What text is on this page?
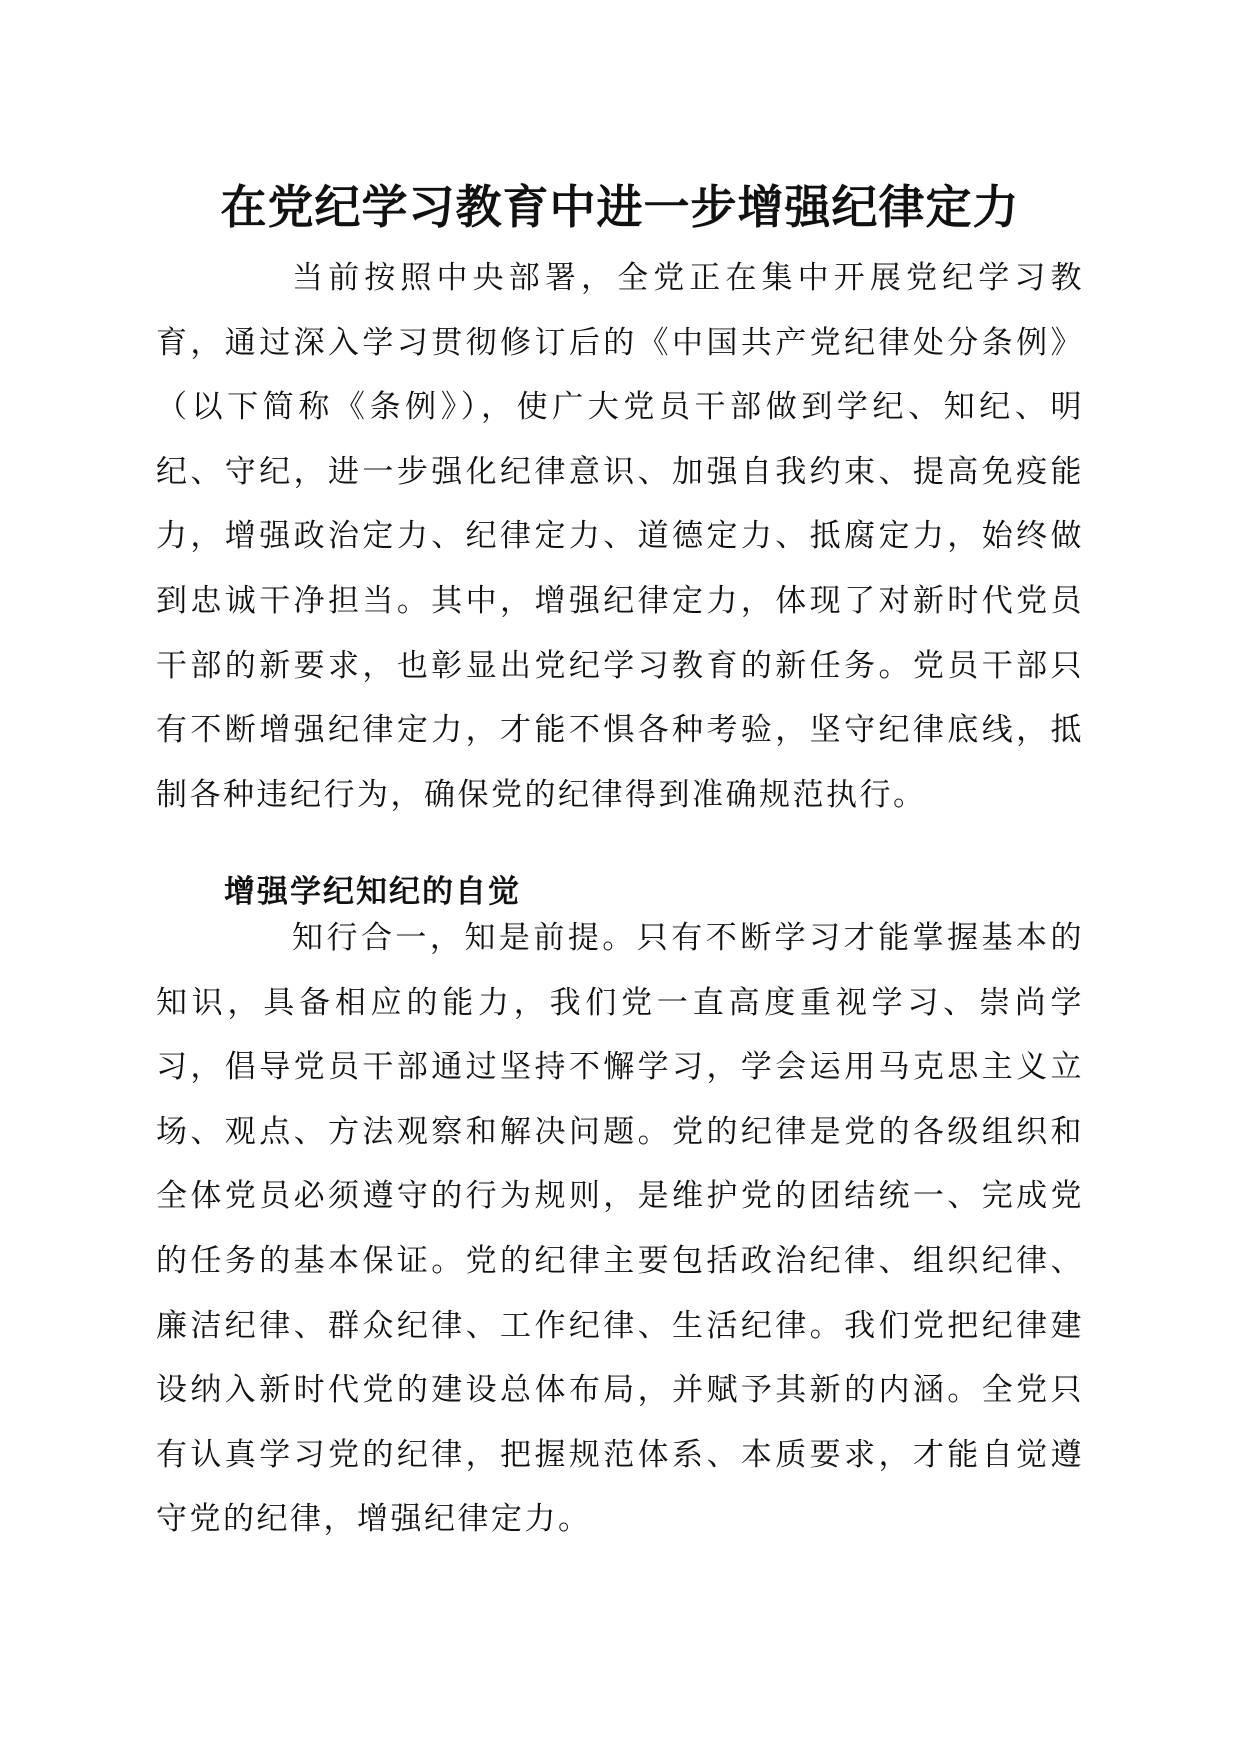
在党纪学习教育中进一步增强纪律定力

当前按照中央部署，全党正在集中开展党纪学习教育，通过深入学习贯彻修订后的《中国共产党纪律处分条例》（以下简称《条例》），使广大党员干部做到学纪、知纪、明纪、守纪，进一步强化纪律意识、加强自我约束、提高免疫能力，增强政治定力、纪律定力、道德定力、抵腐定力，始终做到忠诚干净担当。其中，增强纪律定力，体现了对新时代党员干部的新要求，也彰显出党纪学习教育的新任务。党员干部只有不断增强纪律定力，才能不惧各种考验，坚守纪律底线，抵制各种违纪行为，确保党的纪律得到准确规范执行。

增强学纪知纪的自觉

知行合一，知是前提。只有不断学习才能掌握基本的知识，具备相应的能力，我们党一直高度重视学习、崇尚学习，倡导党员干部通过坚持不懈学习，学会运用马克思主义立场、观点、方法观察和解决问题。党的纪律是党的各级组织和全体党员必须遵守的行为规则，是维护党的团结统一、完成党的任务的基本保证。党的纪律主要包括政治纪律、组织纪律、廉洁纪律、群众纪律、工作纪律、生活纪律。我们党把纪律建设纳入新时代党的建设总体布局，并赋予其新的内涵。全党只有认真学习党的纪律，把握规范体系、本质要求，才能自觉遵守党的纪律，增强纪律定力。
